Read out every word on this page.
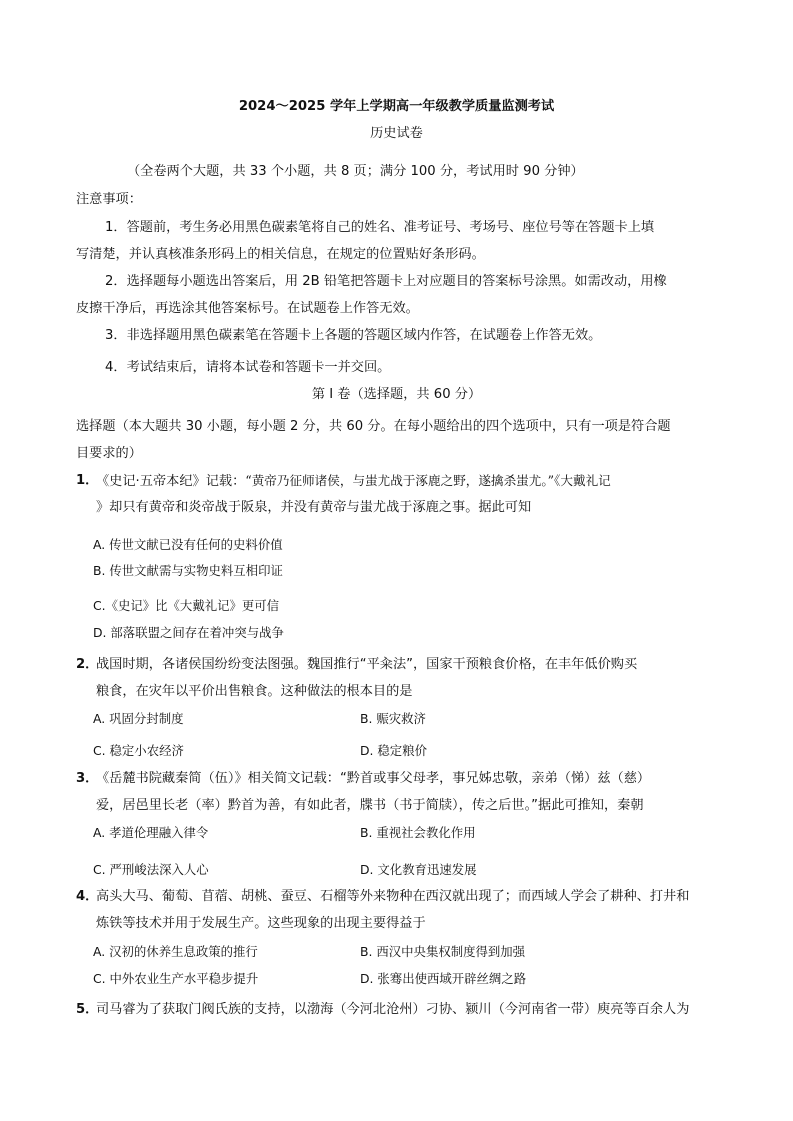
2024～2025 学年上学期高一年级教学质量监测考试
历史试卷
（全卷两个大题，共 33 个小题，共 8 页；满分 100 分，考试用时 90 分钟）
注意事项：
1．答题前，考生务必用黑色碳素笔将自己的姓名、准考证号、考场号、座位号等在答题卡上填
写清楚，并认真核准条形码上的相关信息，在规定的位置贴好条形码。
2．选择题每小题选出答案后，用 2B 铅笔把答题卡上对应题目的答案标号涂黑。如需改动，用橡
皮擦干净后，再选涂其他答案标号。在试题卷上作答无效。
3．非选择题用黑色碳素笔在答题卡上各题的答题区域内作答，在试题卷上作答无效。
4．考试结束后，请将本试卷和答题卡一并交回。
第 I 卷（选择题，共 60 分）
选择题（本大题共 30 小题，每小题 2 分，共 60 分。在每小题给出的四个选项中，只有一项是符合题
目要求的）
1．
《史记·五帝本纪》记载：“黄帝乃征师诸侯，与蚩尤战于涿鹿之野，遂擒杀蚩尤。”《大戴礼记
》却只有黄帝和炎帝战于阪泉，并没有黄帝与蚩尤战于涿鹿之事。据此可知
A. 传世文献已没有任何的史料价值
B. 传世文献需与实物史料互相印证
C.《史记》比《大戴礼记》更可信
D. 部落联盟之间存在着冲突与战争
2．
战国时期，各诸侯国纷纷变法图强。魏国推行“平籴法”，国家干预粮食价格，在丰年低价购买
粮食，在灾年以平价出售粮食。这种做法的根本目的是
A. 巩固分封制度	B. 赈灾救济
C. 稳定小农经济	D. 稳定粮价
3．
《岳麓书院藏秦简（伍）》相关简文记载：“黔首或事父母孝，事兄姊忠敬，亲弟（悌）兹（慈）
爱，居邑里长老（率）黔首为善，有如此者，牒书（书于简牍），传之后世。”据此可推知，秦朝
A. 孝道伦理融入律令	B. 重视社会教化作用
C. 严刑峻法深入人心	D. 文化教育迅速发展
4．
高头大马、葡萄、苜蓿、胡桃、蚕豆、石榴等外来物种在西汉就出现了；而西域人学会了耕种、打井和
炼铁等技术并用于发展生产。这些现象的出现主要得益于
A. 汉初的休养生息政策的推行	B. 西汉中央集权制度得到加强
C. 中外农业生产水平稳步提升	D. 张骞出使西域开辟丝绸之路
5．
司马睿为了获取门阀氏族的支持，以渤海（今河北沧州）刁协、颍川（今河南省一带）庾亮等百余人为
